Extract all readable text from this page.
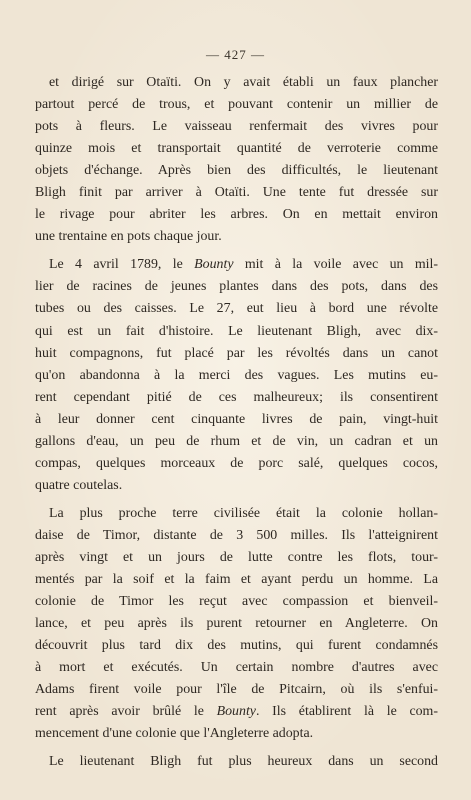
— 427 —
et dirigé sur Otaïti. On y avait établi un faux plancher
partout percé de trous, et pouvant contenir un millier de
pots à fleurs. Le vaisseau renfermait des vivres pour
quinze mois et transportait quantité de verroterie comme
objets d'échange. Après bien des difficultés, le lieutenant
Bligh finit par arriver à Otaïti. Une tente fut dressée sur
le rivage pour abriter les arbres. On en mettait environ
une trentaine en pots chaque jour.
Le 4 avril 1789, le Bounty mit à la voile avec un mil-
lier de racines de jeunes plantes dans des pots, dans des
tubes ou des caisses. Le 27, eut lieu à bord une révolte
qui est un fait d'histoire. Le lieutenant Bligh, avec dix-
huit compagnons, fut placé par les révoltés dans un canot
qu'on abandonna à la merci des vagues. Les mutins eu-
rent cependant pitié de ces malheureux; ils consentirent
à leur donner cent cinquante livres de pain, vingt-huit
gallons d'eau, un peu de rhum et de vin, un cadran et un
compas, quelques morceaux de porc salé, quelques cocos,
quatre coutelas.
La plus proche terre civilisée était la colonie hollan-
daise de Timor, distante de 3 500 milles. Ils l'atteignirent
après vingt et un jours de lutte contre les flots, tour-
mentés par la soif et la faim et ayant perdu un homme. La
colonie de Timor les reçut avec compassion et bienveil-
lance, et peu après ils purent retourner en Angleterre. On
découvrit plus tard dix des mutins, qui furent condamnés
à mort et exécutés. Un certain nombre d'autres avec
Adams firent voile pour l'île de Pitcairn, où ils s'enfui-
rent après avoir brûlé le Bounty. Ils établirent là le com-
mencement d'une colonie que l'Angleterre adopta.
Le lieutenant Bligh fut plus heureux dans un second
